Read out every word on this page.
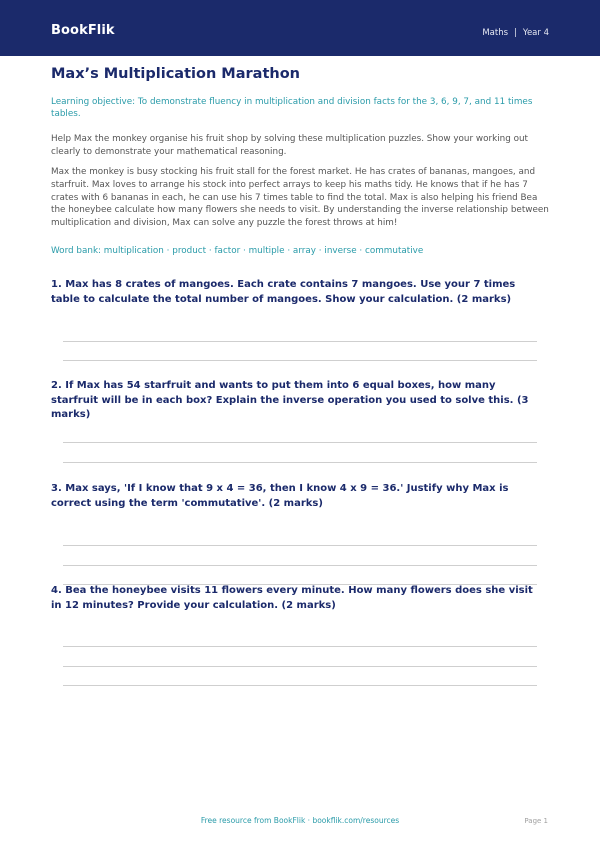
BookFlik	Maths | Year 4
Max’s Multiplication Marathon
Learning objective: To demonstrate fluency in multiplication and division facts for the 3, 6, 9, 7, and 11 times tables.
Help Max the monkey organise his fruit shop by solving these multiplication puzzles. Show your working out clearly to demonstrate your mathematical reasoning.
Max the monkey is busy stocking his fruit stall for the forest market. He has crates of bananas, mangoes, and starfruit. Max loves to arrange his stock into perfect arrays to keep his maths tidy. He knows that if he has 7 crates with 6 bananas in each, he can use his 7 times table to find the total. Max is also helping his friend Bea the honeybee calculate how many flowers she needs to visit. By understanding the inverse relationship between multiplication and division, Max can solve any puzzle the forest throws at him!
Word bank: multiplication · product · factor · multiple · array · inverse · commutative
1. Max has 8 crates of mangoes. Each crate contains 7 mangoes. Use your 7 times table to calculate the total number of mangoes. Show your calculation. (2 marks)
2. If Max has 54 starfruit and wants to put them into 6 equal boxes, how many starfruit will be in each box? Explain the inverse operation you used to solve this. (3 marks)
3. Max says, 'If I know that 9 x 4 = 36, then I know 4 x 9 = 36.' Justify why Max is correct using the term 'commutative'. (2 marks)
4. Bea the honeybee visits 11 flowers every minute. How many flowers does she visit in 12 minutes? Provide your calculation. (2 marks)
Free resource from BookFlik · bookflik.com/resources	Page 1
